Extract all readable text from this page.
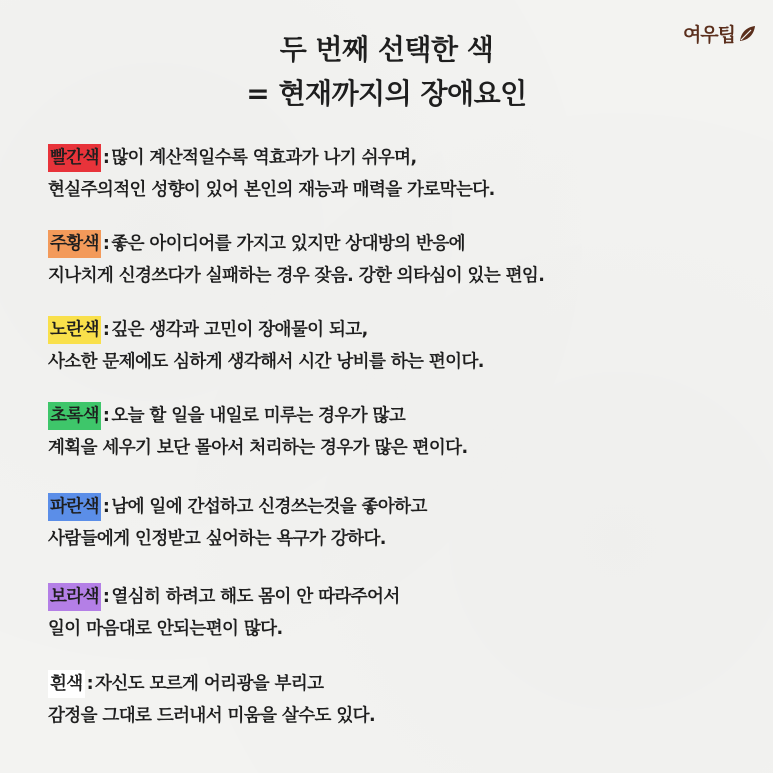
여우팁
두 번째 선택한 색
= 현재까지의 장애요인
빨간색 : 많이 계산적일수록 역효과가 나기 쉬우며,
현실주의적인 성향이 있어 본인의 재능과 매력을 가로막는다.
주황색 : 좋은 아이디어를 가지고 있지만 상대방의 반응에
지나치게 신경쓰다가 실패하는 경우 잦음. 강한 의타심이 있는 편임.
노란색 : 깊은 생각과 고민이 장애물이 되고,
사소한 문제에도 심하게 생각해서 시간 낭비를 하는 편이다.
초록색 : 오늘 할 일을 내일로 미루는 경우가 많고
계획을 세우기 보단 몰아서 처리하는 경우가 많은 편이다.
파란색 : 남에 일에 간섭하고 신경쓰는것을 좋아하고
사람들에게 인정받고 싶어하는 욕구가 강하다.
보라색 : 열심히 하려고 해도 몸이 안 따라주어서
일이 마음대로 안되는편이 많다.
흰색 : 자신도 모르게 어리광을 부리고
감정을 그대로 드러내서 미움을 살수도 있다.
